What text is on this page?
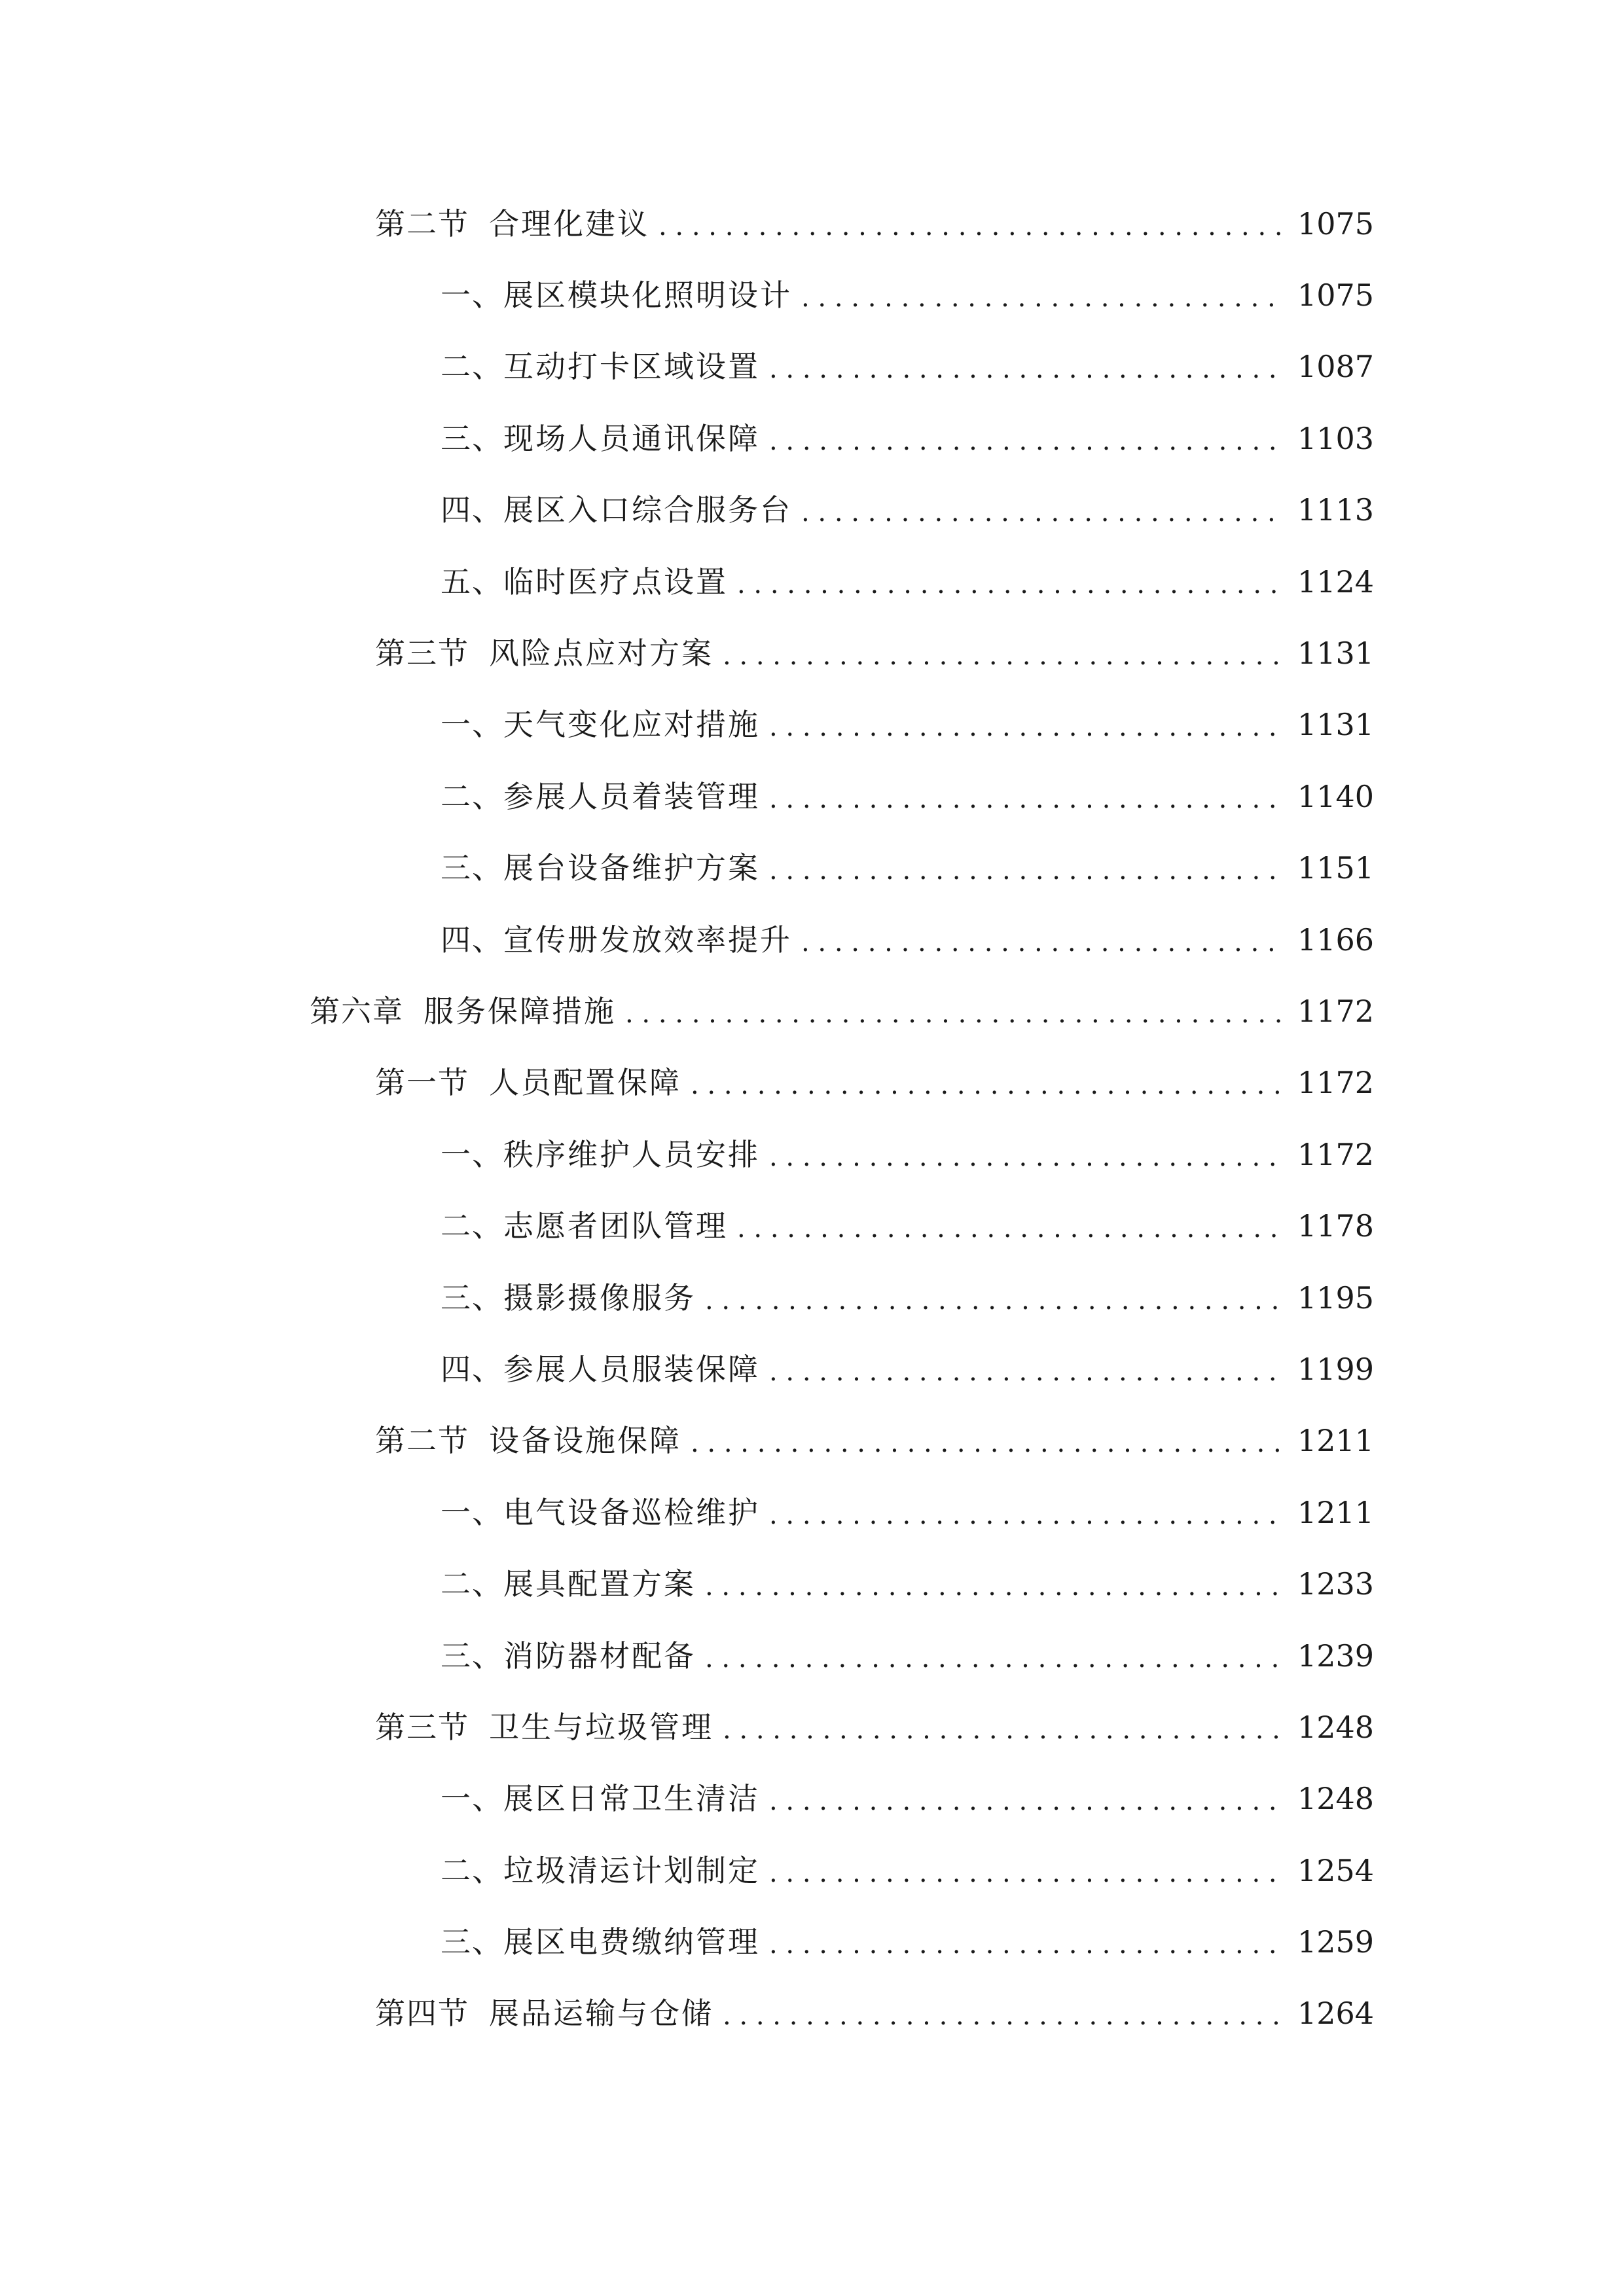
第二节 合理化建议 . . .	1075
一、 展区模块化照明设计 . . .	1075
二、 互动打卡区域设置 . . .	1087
三、 现场人员通讯保障 . . .	1103
四、 展区入口综合服务台 . . .	1113
五、 临时医疗点设置 . . .	1124
第三节 风险点应对方案 . . .	1131
一、 天气变化应对措施 . . .	1131
二、 参展人员着装管理 . . .	1140
三、 展台设备维护方案 . . .	1151
四、 宣传册发放效率提升 . . .	1166
第六章 服务保障措施 . . .	1172
第一节 人员配置保障 . . .	1172
一、 秩序维护人员安排 . . .	1172
二、 志愿者团队管理 . . .	1178
三、 摄影摄像服务 . . .	1195
四、 参展人员服装保障 . . .	1199
第二节 设备设施保障 . . .	1211
一、 电气设备巡检维护 . . .	1211
二、 展具配置方案 . . .	1233
三、 消防器材配备 . . .	1239
第三节 卫生与垃圾管理 . . .	1248
一、 展区日常卫生清洁 . . .	1248
二、 垃圾清运计划制定 . . .	1254
三、 展区电费缴纳管理 . . .	1259
第四节 展品运输与仓储 . . .	1264
